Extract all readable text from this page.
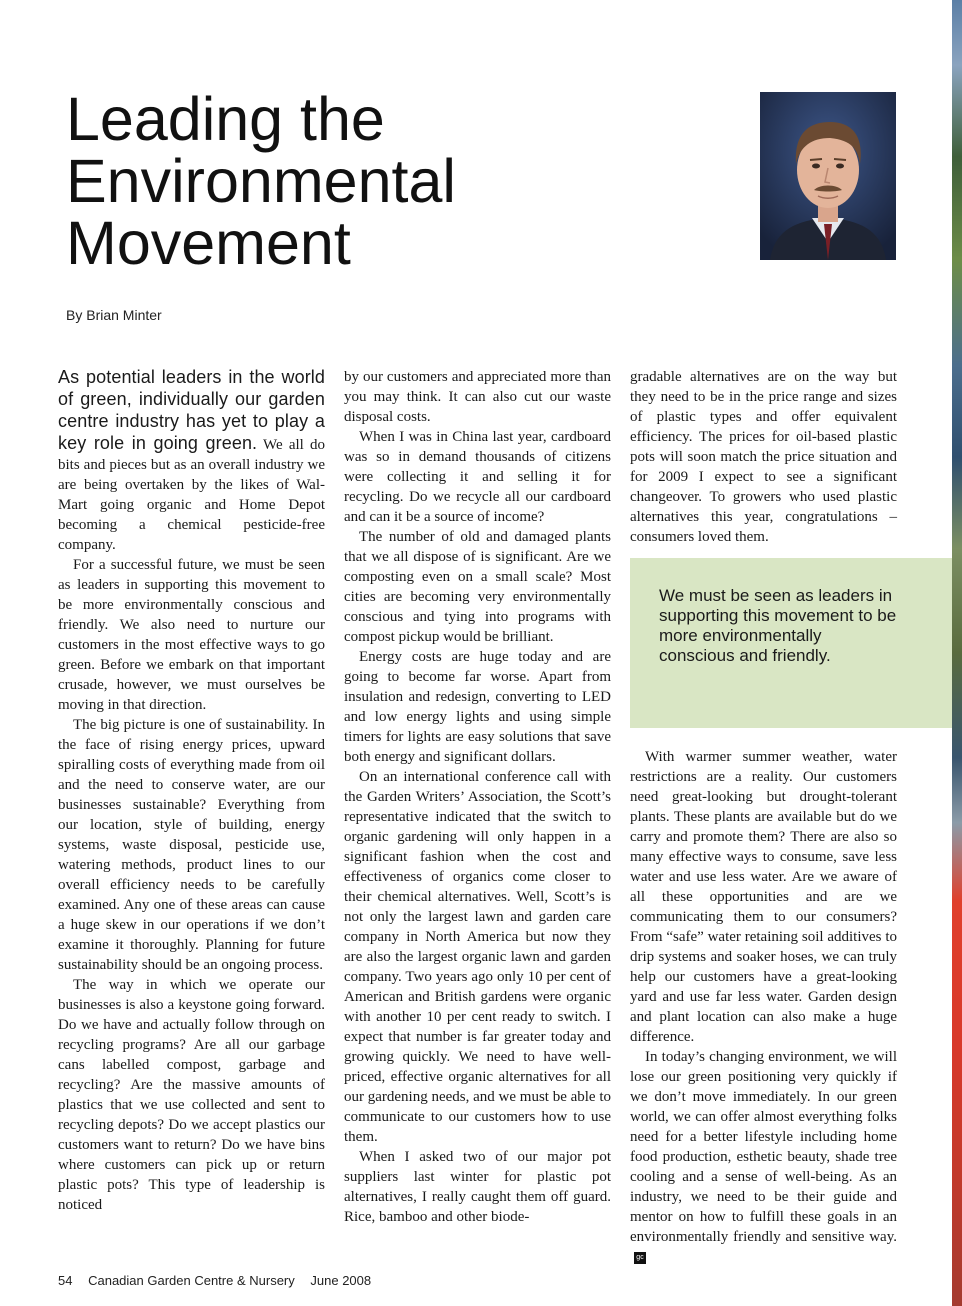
Leading the
Environmental
Movement
By Brian Minter

As potential leaders in the world of green, individually our garden centre industry has yet to play a key role in going green. We all do bits and pieces but as an overall industry we are being overtaken by the likes of Wal-Mart going organic and Home Depot becoming a chemical pesticide-free company.

For a successful future, we must be seen as leaders in supporting this movement to be more environmentally conscious and friendly. We also need to nurture our customers in the most effective ways to go green. Before we embark on that important crusade, however, we must ourselves be moving in that direction.

The big picture is one of sustainability. In the face of rising energy prices, upward spiralling costs of everything made from oil and the need to conserve water, are our businesses sustainable? Everything from our location, style of building, energy systems, waste disposal, pesticide use, watering methods, product lines to our overall efficiency needs to be carefully examined. Any one of these areas can cause a huge skew in our operations if we don’t examine it thoroughly. Planning for future sustainability should be an ongoing process.

The way in which we operate our businesses is also a keystone going forward. Do we have and actually follow through on recycling programs? Are all our garbage cans labelled compost, garbage and recycling? Are the massive amounts of plastics that we use collected and sent to recycling depots? Do we accept plastics our customers want to return? Do we have bins where customers can pick up or return plastic pots? This type of leadership is noticed

by our customers and appreciated more than you may think. It can also cut our waste disposal costs.

When I was in China last year, cardboard was so in demand thousands of citizens were collecting it and selling it for recycling. Do we recycle all our cardboard and can it be a source of income?

The number of old and damaged plants that we all dispose of is significant. Are we composting even on a small scale? Most cities are becoming very environmentally conscious and tying into programs with compost pickup would be brilliant.

Energy costs are huge today and are going to become far worse. Apart from insulation and redesign, converting to LED and low energy lights and using simple timers for lights are easy solutions that save both energy and significant dollars.

On an international conference call with the Garden Writers’ Association, the Scott’s representative indicated that the switch to organic gardening will only happen in a significant fashion when the cost and effectiveness of organics come closer to their chemical alternatives. Well, Scott’s is not only the largest lawn and garden care company in North America but now they are also the largest organic lawn and garden company. Two years ago only 10 per cent of American and British gardens were organic with another 10 per cent ready to switch. I expect that number is far greater today and growing quickly. We need to have well-priced, effective organic alternatives for all our gardening needs, and we must be able to communicate to our customers how to use them.

When I asked two of our major pot suppliers last winter for plastic pot alternatives, I really caught them off guard. Rice, bamboo and other biode-

gradable alternatives are on the way but they need to be in the price range and sizes of plastic types and offer equivalent efficiency. The prices for oil-based plastic pots will soon match the price situation and for 2009 I expect to see a significant changeover. To growers who used plastic alternatives this year, congratulations – consumers loved them.

We must be seen as leaders in supporting this movement to be more environmentally conscious and friendly.

With warmer summer weather, water restrictions are a reality. Our customers need great-looking but drought-tolerant plants. These plants are available but do we carry and promote them? There are also so many effective ways to consume, save less water and use less water. Are we aware of all these opportunities and are we communicating them to our consumers? From “safe” water retaining soil additives to drip systems and soaker hoses, we can truly help our customers have a great-looking yard and use far less water. Garden design and plant location can also make a huge difference.

In today’s changing environment, we will lose our green positioning very quickly if we don’t move immediately. In our green world, we can offer almost everything folks need for a better lifestyle including home food production, esthetic beauty, shade tree cooling and a sense of well-being. As an industry, we need to be their guide and mentor on how to fulfill these goals in an environmentally friendly and sensitive way.gc

54 Canadian Garden Centre & Nursery June 2008
